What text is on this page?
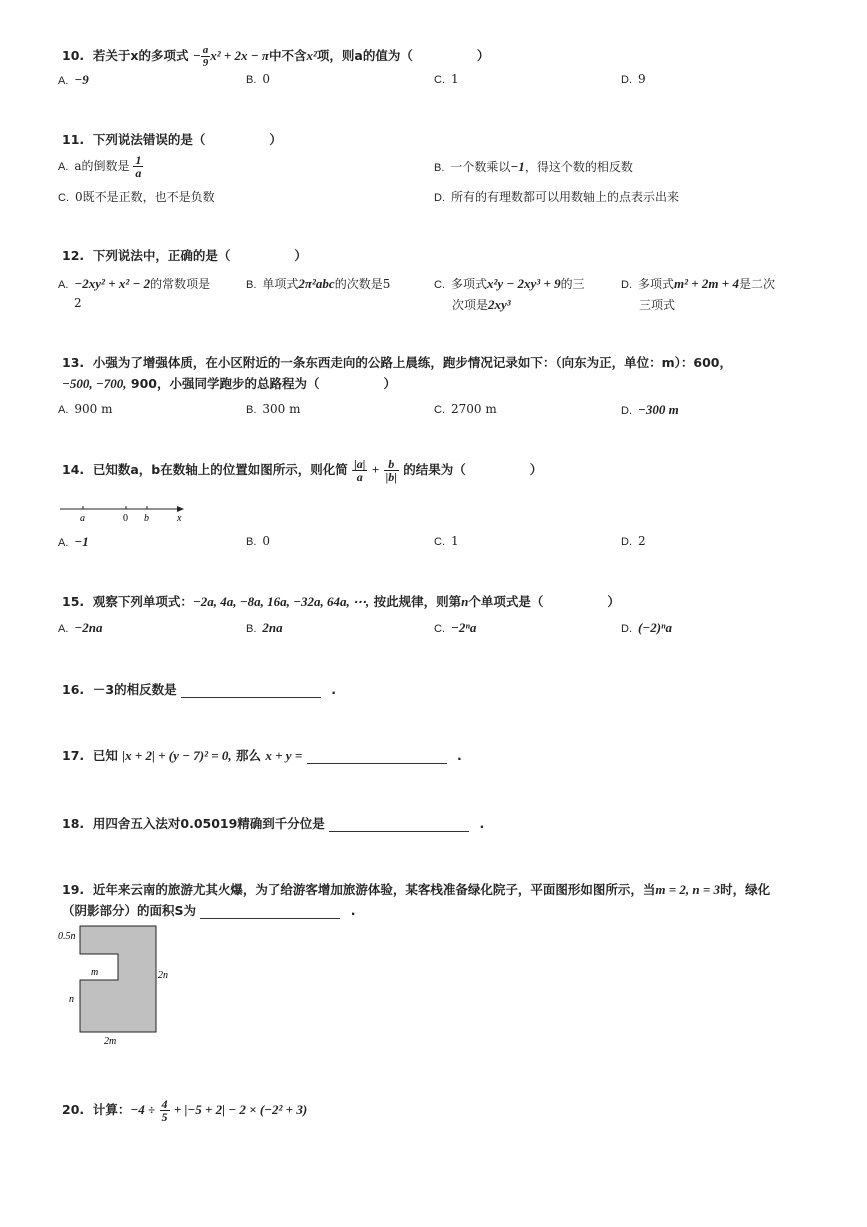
10. 若关于x的多项式 − $\frac{a}{9} x^2 + 2x - \pi$中不含x²项，则a的值为（	）
A. −9	B. 0	C. 1	D. 9
11. 下列说法错误的是（	）
A. a的倒数是 $\frac{1}{a}$	B. 一个数乘以−1，得这个数的相反数
C. 0既不是正数，也不是负数	D. 所有的有理数都可以用数轴上的点表示出来
12. 下列说法中，正确的是（	）
A. −2xy² + x² − 2的常数项是
2
B. 单项式2π²abc的次数是5	C. 多项式x²y − 2xy³ + 9的三
次项是2xy³
D. 多项式m² + 2m + 4是二次
三项式
13. 小强为了增强体质，在小区附近的一条东西走向的公路上晨练，跑步情况记录如下：（向东为正，单位：m）：600，
−500, −700, 900，小强同学跑步的总路程为（	）
A. 900 m	B. 300 m	C. 2700 m	D. −300 m
14. 已知数a，b在数轴上的位置如图所示，则化简 $\frac{|a|}{a} + \frac{b}{|b|}$ 的结果为（	）
a	0 b	x
A. −1	B. 0	C. 1	D. 2
15. 观察下列单项式：−2a, 4a, −8a, 16a, −32a, 64a, ⋯, 按此规律，则第n个单项式是（	）
A. −2na	B. 2na	C. −2ⁿa	D. (−2)ⁿa
16. －3的相反数是	.
17. 已知 |x + 2| + (y − 7)² = 0, 那么 x + y =	.
18. 用四舍五入法对0.05019精确到千分位是	.
19. 近年来云南的旅游尤其火爆，为了给游客增加旅游体验，某客栈准备绿化院子，平面图形如图所示，当m = 2, n = 3时，绿化
（阴影部分）的面积S为	.
0.5n
m	2n
n
2m
20. 计算：$-4 \div \frac{4}{5} + |-5 + 2| - 2 \times (-2^2 + 3)$
